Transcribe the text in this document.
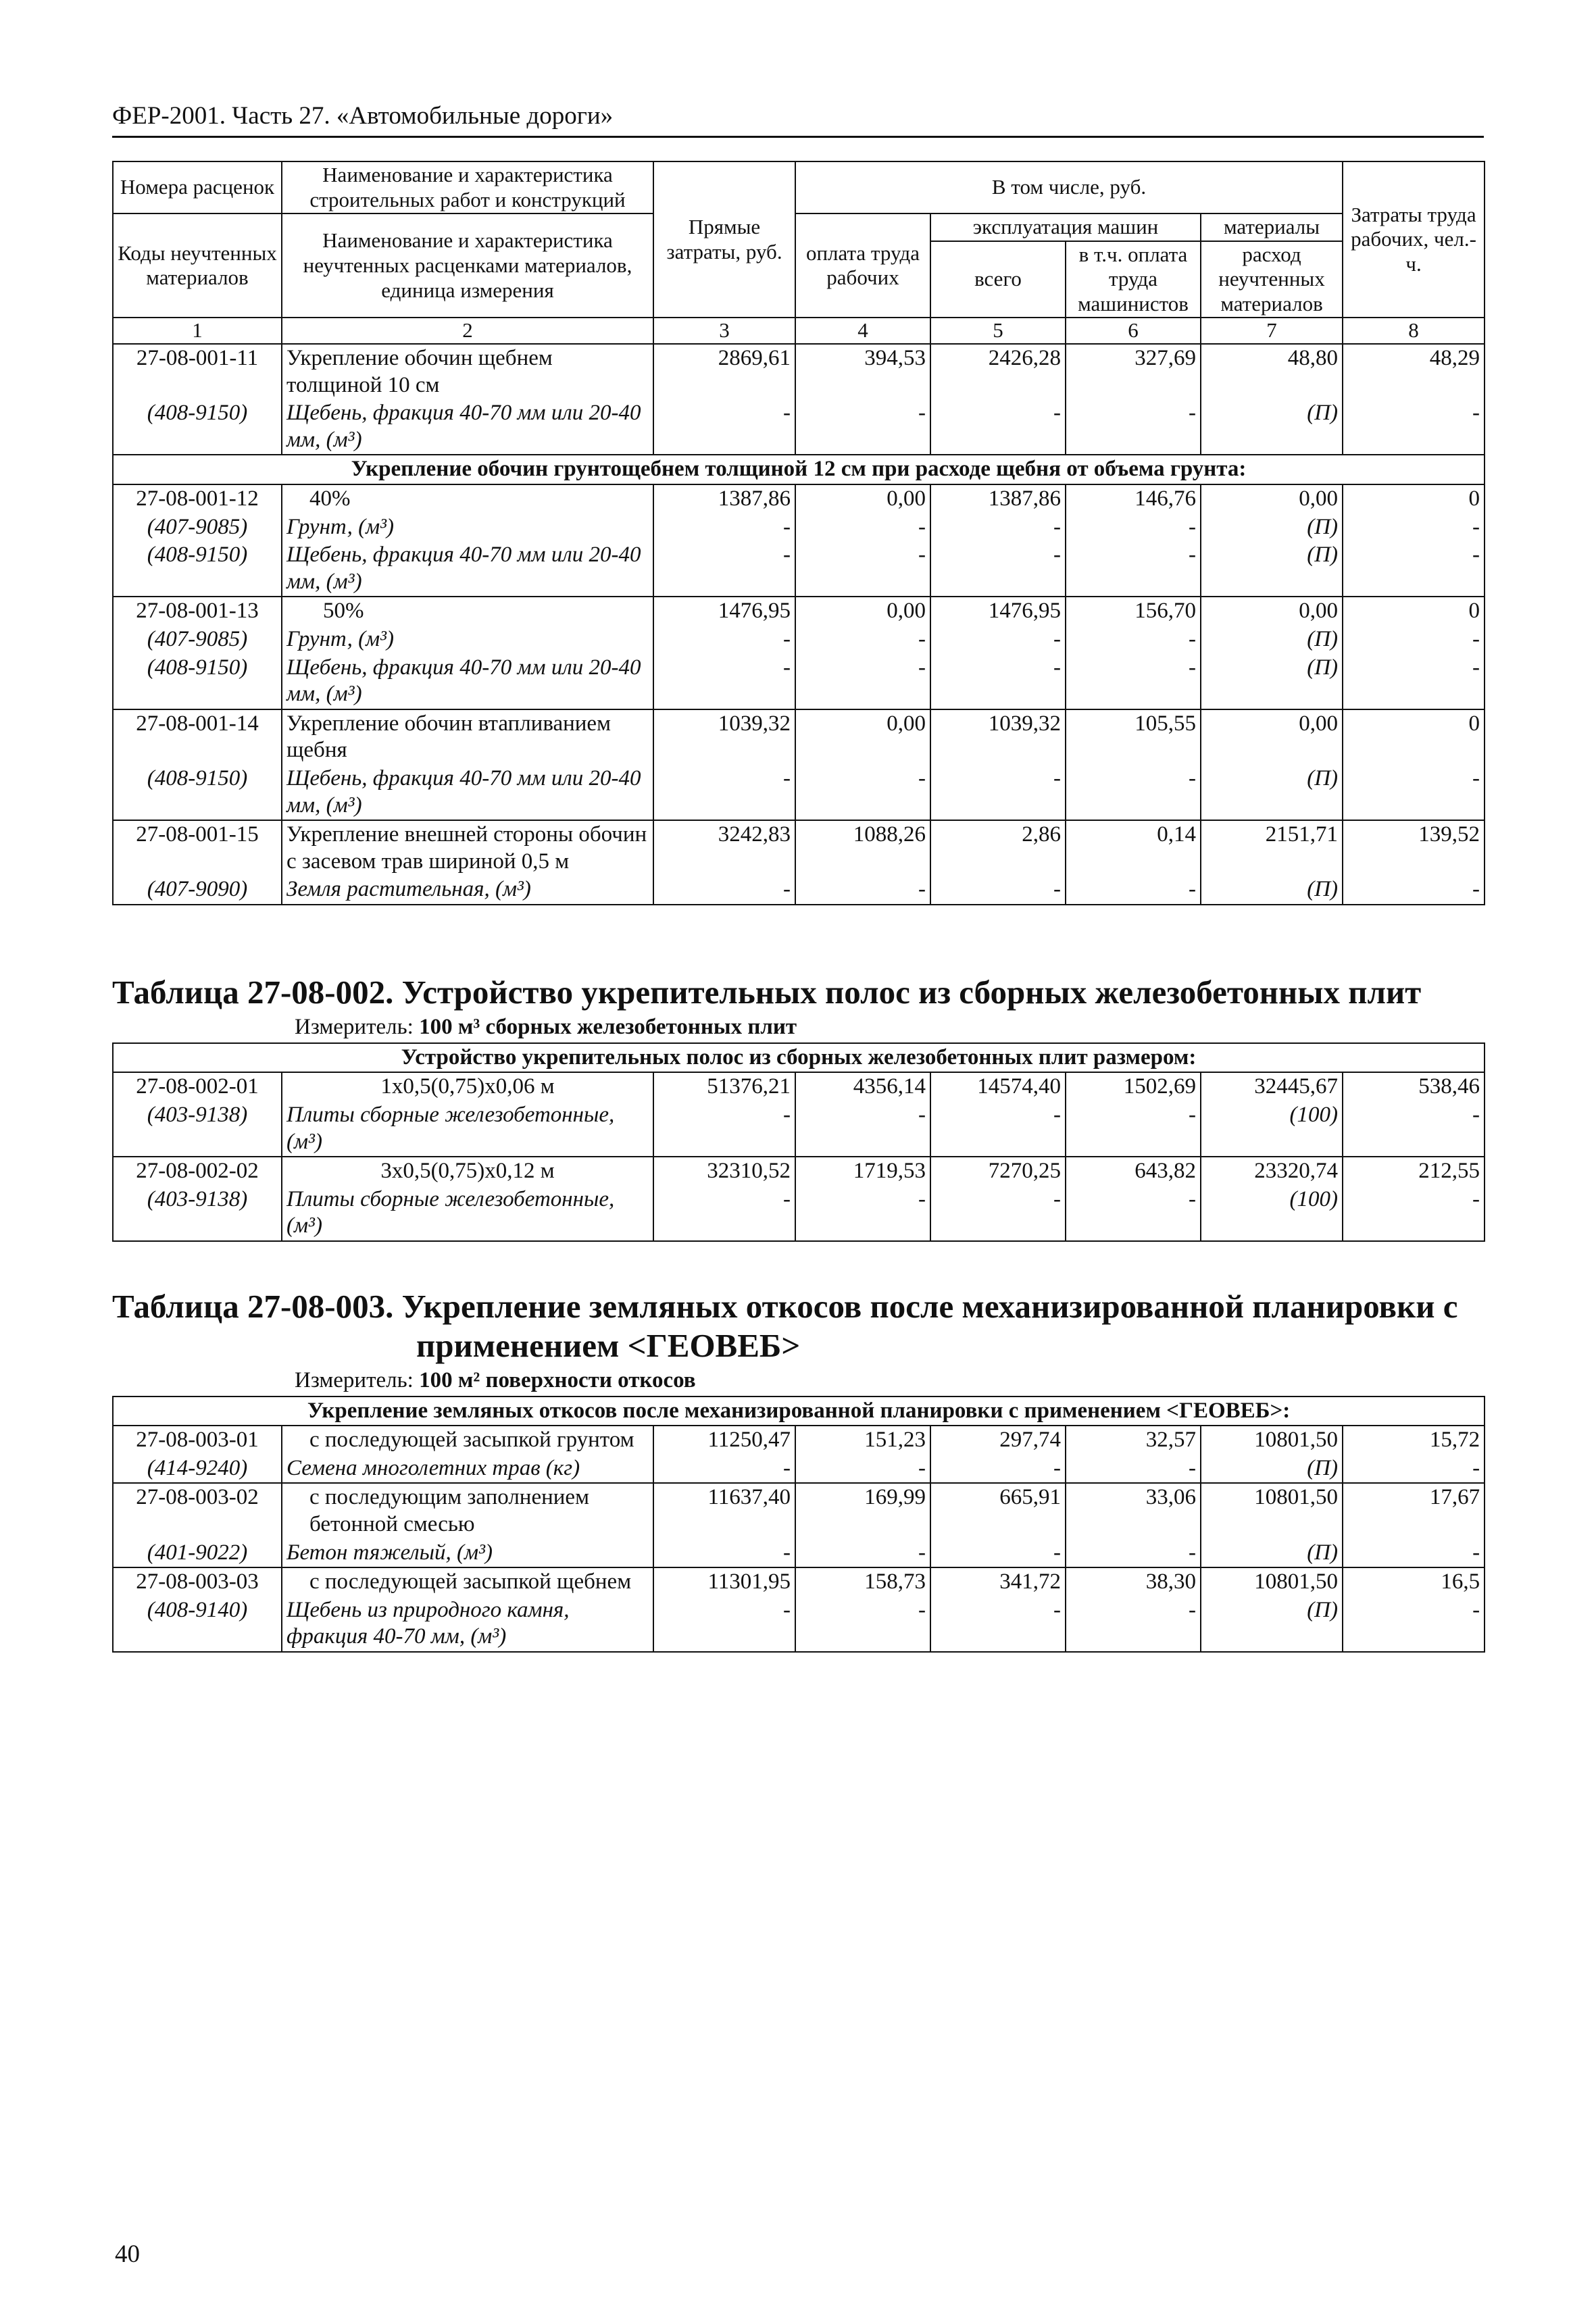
ФЕР-2001. Часть 27. «Автомобильные дороги»
Номера расценок	Наименование и характеристика строительных работ и конструкций	Прямые затраты, руб.	В том числе, руб.				Затраты труда рабочих, чел.-ч.
Коды неучтенных материалов	Наименование и характеристика неучтенных расценками материалов, единица измерения		оплата труда рабочих	эксплуатация машин		материалы	
				всего	в т.ч. оплата труда машинистов	расход неучтенных материалов	
1	2	3	4	5	6	7	8
27-08-001-11	Укрепление обочин щебнем толщиной 10 см	2869,61	394,53	2426,28	327,69	48,80	48,29
(408-9150)	Щебень, фракция 40-70 мм или 20-40 мм, (м³)	-	-	-	-	(П)	-
Укрепление обочин грунтощебнем толщиной 12 см при расходе щебня от объема грунта:							
27-08-001-12	40%	1387,86	0,00	1387,86	146,76	0,00	0
(407-9085)	Грунт, (м³)	-	-	-	-	(П)	-
(408-9150)	Щебень, фракция 40-70 мм или 20-40 мм, (м³)	-	-	-	-	(П)	-
27-08-001-13	50%	1476,95	0,00	1476,95	156,70	0,00	0
(407-9085)	Грунт, (м³)	-	-	-	-	(П)	-
(408-9150)	Щебень, фракция 40-70 мм или 20-40 мм, (м³)	-	-	-	-	(П)	-
27-08-001-14	Укрепление обочин втапливанием щебня	1039,32	0,00	1039,32	105,55	0,00	0
(408-9150)	Щебень, фракция 40-70 мм или 20-40 мм, (м³)	-	-	-	-	(П)	-
27-08-001-15	Укрепление внешней стороны обочин с засевом трав шириной 0,5 м	3242,83	1088,26	2,86	0,14	2151,71	139,52
(407-9090)	Земля растительная, (м³)	-	-	-	-	(П)	-
Таблица 27-08-002. Устройство укрепительных полос из сборных железобетонных плит
Измеритель: 100 м³ сборных железобетонных плит
Устройство укрепительных полос из сборных железобетонных плит размером:							
27-08-002-01	1х0,5(0,75)х0,06 м	51376,21	4356,14	14574,40	1502,69	32445,67	538,46
(403-9138)	Плиты сборные железобетонные, (м³)	-	-	-	-	(100)	-
27-08-002-02	3х0,5(0,75)х0,12 м	32310,52	1719,53	7270,25	643,82	23320,74	212,55
(403-9138)	Плиты сборные железобетонные, (м³)	-	-	-	-	(100)	-
Таблица 27-08-003. Укрепление земляных откосов после механизированной планировки с
применением <ГЕОВЕБ>
Измеритель: 100 м² поверхности откосов
Укрепление земляных откосов после механизированной планировки с применением <ГЕОВЕБ>:							
27-08-003-01	с последующей засыпкой грунтом	11250,47	151,23	297,74	32,57	10801,50	15,72
(414-9240)	Семена многолетних трав (кг)	-	-	-	-	(П)	-
27-08-003-02	с последующим заполнением бетонной смесью	11637,40	169,99	665,91	33,06	10801,50	17,67
(401-9022)	Бетон тяжелый, (м³)	-	-	-	-	(П)	-
27-08-003-03	с последующей засыпкой щебнем	11301,95	158,73	341,72	38,30	10801,50	16,5
(408-9140)	Щебень из природного камня, фракция 40-70 мм, (м³)	-	-	-	-	(П)	-
40
